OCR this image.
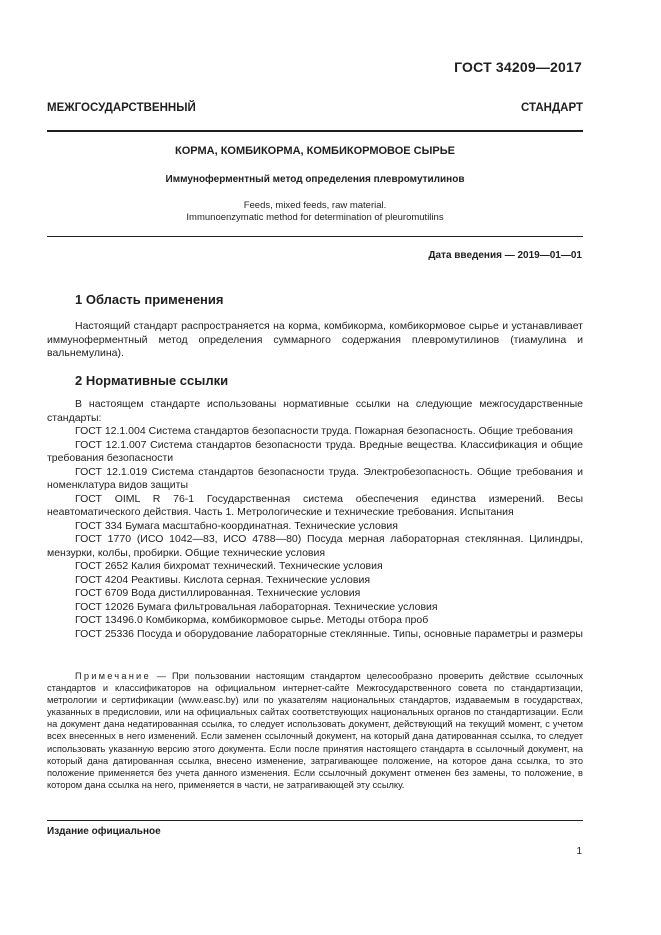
ГОСТ 34209—2017
МЕЖГОСУДАРСТВЕННЫЙ СТАНДАРТ
КОРМА, КОМБИКОРМА, КОМБИКОРМОВОЕ СЫРЬЕ
Иммуноферментный метод определения плевромутилинов
Feeds, mixed feeds, raw material.
Immunoenzymatic method for determination of pleuromutilins
Дата введения — 2019—01—01
1 Область применения
Настоящий стандарт распространяется на корма, комбикорма, комбикормовое сырье и устанавливает иммуноферментный метод определения суммарного содержания плевромутилинов (тиамулина и вальнемулина).
2 Нормативные ссылки
В настоящем стандарте использованы нормативные ссылки на следующие межгосударственные стандарты:
ГОСТ 12.1.004 Система стандартов безопасности труда. Пожарная безопасность. Общие требования
ГОСТ 12.1.007 Система стандартов безопасности труда. Вредные вещества. Классификация и общие требования безопасности
ГОСТ 12.1.019 Система стандартов безопасности труда. Электробезопасность. Общие требования и номенклатура видов защиты
ГОСТ OIML R 76-1 Государственная система обеспечения единства измерений. Весы неавтоматического действия. Часть 1. Метрологические и технические требования. Испытания
ГОСТ 334 Бумага масштабно-координатная. Технические условия
ГОСТ 1770 (ИСО 1042—83, ИСО 4788—80) Посуда мерная лабораторная стеклянная. Цилиндры, мензурки, колбы, пробирки. Общие технические условия
ГОСТ 2652 Калия бихромат технический. Технические условия
ГОСТ 4204 Реактивы. Кислота серная. Технические условия
ГОСТ 6709 Вода дистиллированная. Технические условия
ГОСТ 12026 Бумага фильтровальная лабораторная. Технические условия
ГОСТ 13496.0 Комбикорма, комбикормовое сырье. Методы отбора проб
ГОСТ 25336 Посуда и оборудование лабораторные стеклянные. Типы, основные параметры и размеры
Примечание — При пользовании настоящим стандартом целесообразно проверить действие ссылочных стандартов и классификаторов на официальном интернет-сайте Межгосударственного совета по стандартизации, метрологии и сертификации (www.easc.by) или по указателям национальных стандартов, издаваемым в государствах, указанных в предисловии, или на официальных сайтах соответствующих национальных органов по стандартизации. Если на документ дана недатированная ссылка, то следует использовать документ, действующий на текущий момент, с учетом всех внесенных в него изменений. Если заменен ссылочный документ, на который дана датированная ссылка, то следует использовать указанную версию этого документа. Если после принятия настоящего стандарта в ссылочный документ, на который дана датированная ссылка, внесено изменение, затрагивающее положение, на которое дана ссылка, то это положение применяется без учета данного изменения. Если ссылочный документ отменен без замены, то положение, в котором дана ссылка на него, применяется в части, не затрагивающей эту ссылку.
Издание официальное
1
